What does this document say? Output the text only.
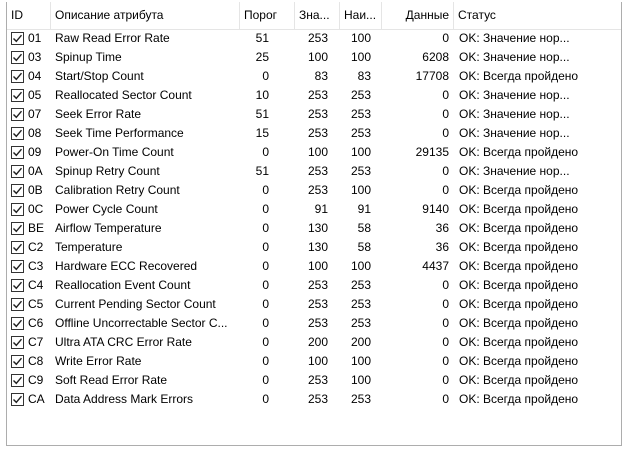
ID	Описание атрибута	Порог	Зна...	Наи...	Данные Статус
01	Raw Read Error Rate	51	253	100	0 OK: Значение нор...
03	Spinup Time	25	100	100	6208 OK: Значение нор...
04	Start/Stop Count	0	83	83	17708 OK: Всегда пройдено
05	Reallocated Sector Count	10	253	253	0 OK: Значение нор...
07	Seek Error Rate	51	253	253	0 OK: Значение нор...
08	Seek Time Performance	15	253	253	0 OK: Значение нор...
09	Power-On Time Count	0	100	100	29135 OK: Всегда пройдено
0A	Spinup Retry Count	51	253	253	0 OK: Значение нор...
0B	Calibration Retry Count	0	253	100	0 OK: Всегда пройдено
0C Power Cycle Count	0	91	91	9140 OK: Всегда пройдено
BE Airflow Temperature	0	130	58	36 OK: Всегда пройдено
C2 Temperature	0	130	58	36 OK: Всегда пройдено
C3 Hardware ECC Recovered	0	100	100	4437 OK: Всегда пройдено
C4 Reallocation Event Count	0	253	253	0 OK: Всегда пройдено
C5 Current Pending Sector Count	0	253	253	0 OK: Всегда пройдено
C6 Offline Uncorrectable Sector C...	0	253	253	0 OK: Всегда пройдено
C7 Ultra ATA CRC Error Rate	0	200	200	0 OK: Всегда пройдено
C8 Write Error Rate	0	100	100	0 OK: Всегда пройдено
C9 Soft Read Error Rate	0	253	100	0 OK: Всегда пройдено
CA Data Address Mark Errors	0	253	253	0 OK: Всегда пройдено
